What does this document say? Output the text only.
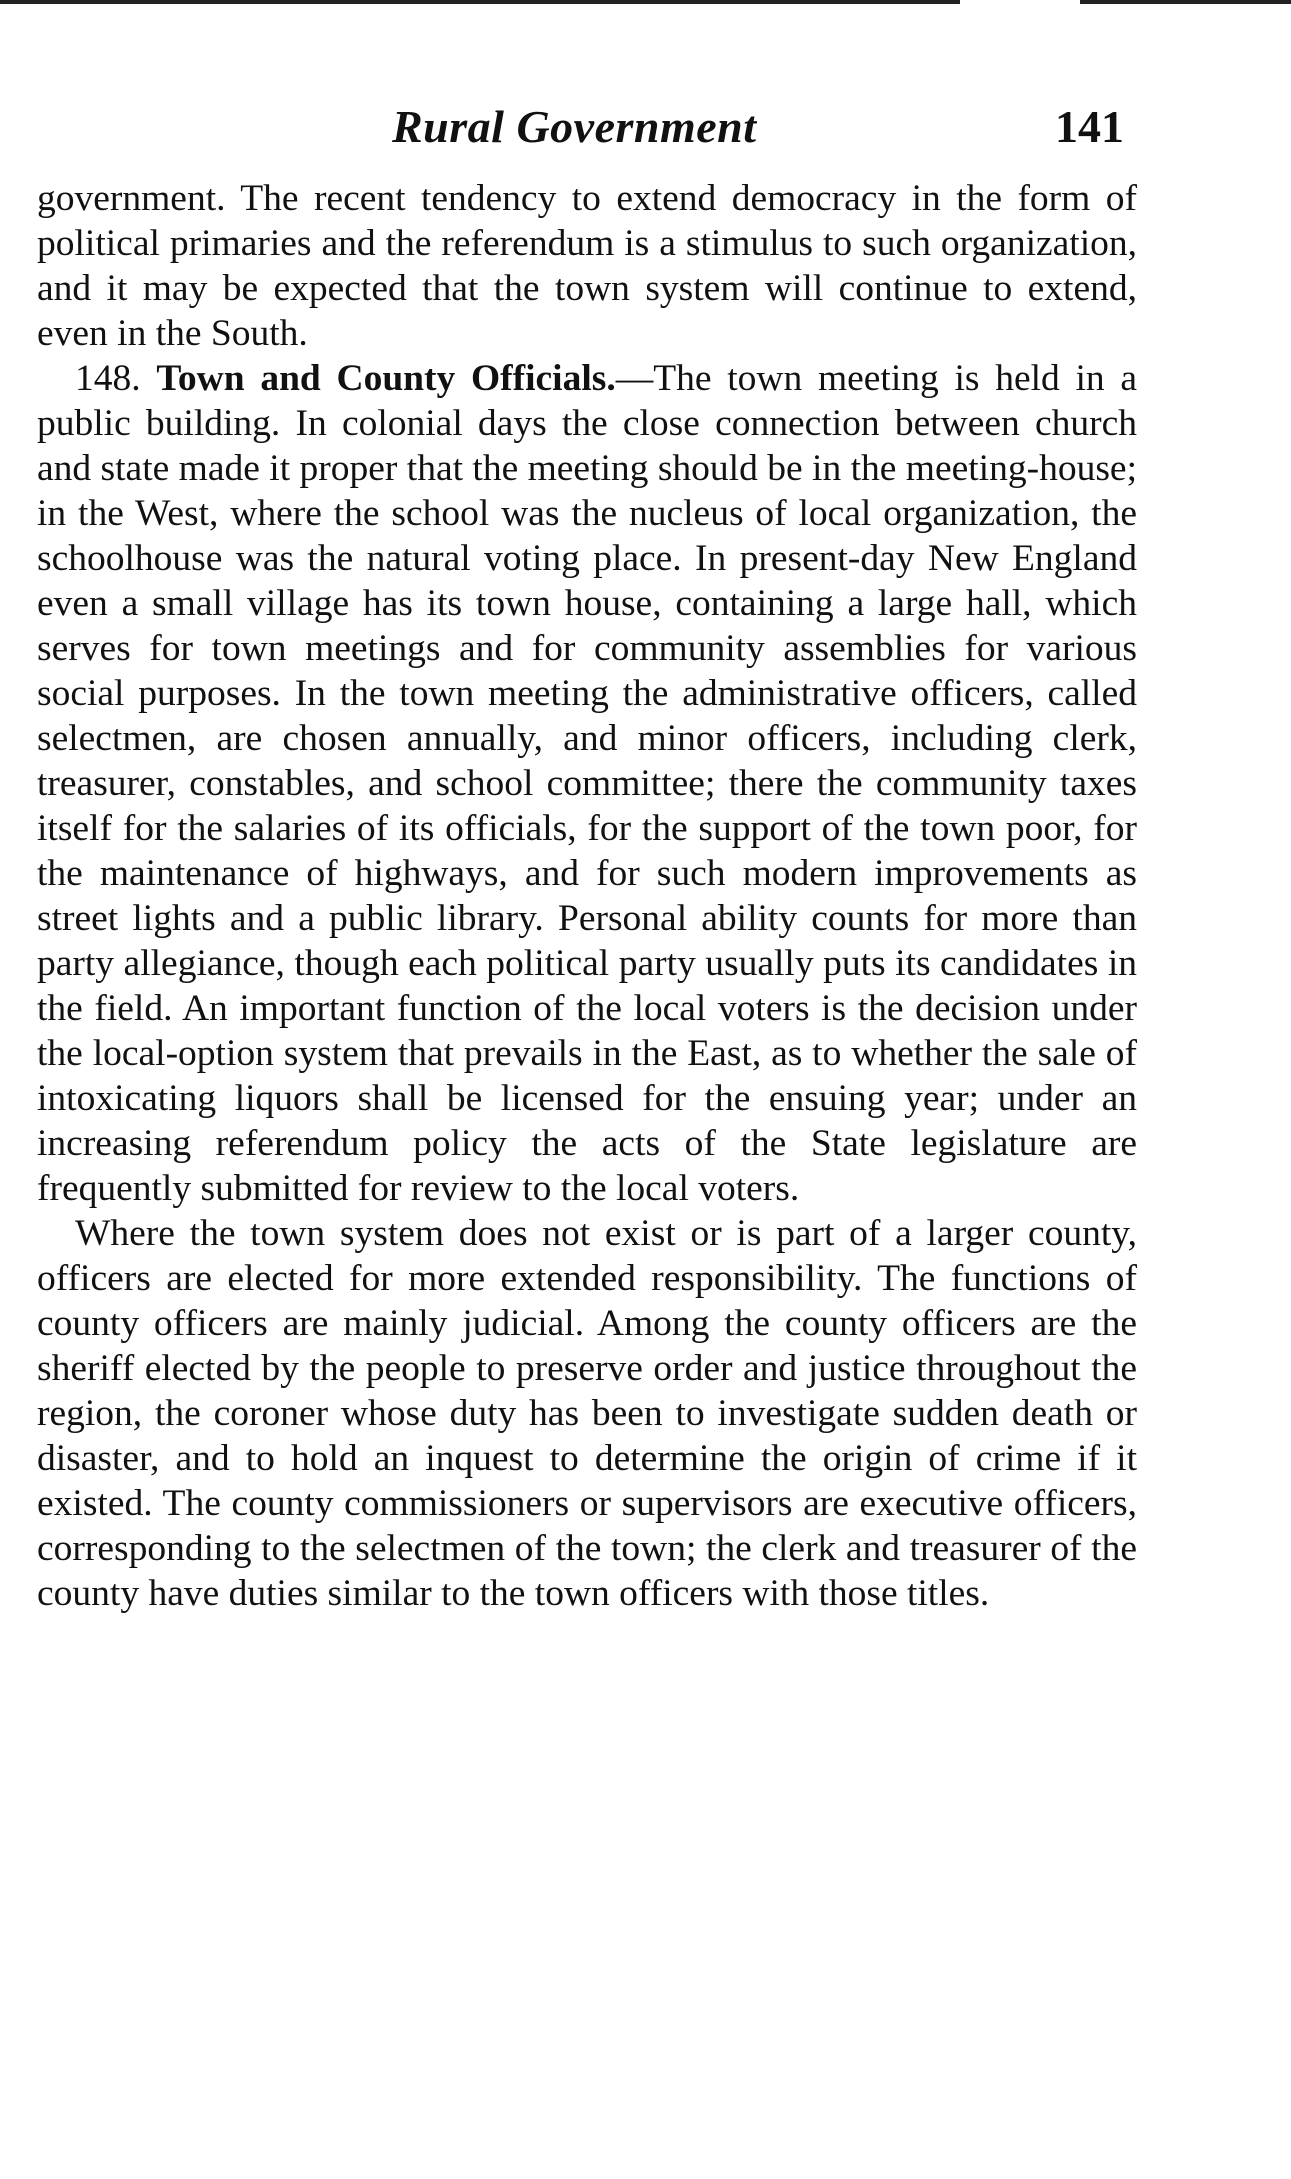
Rural Government	141

government. The recent tendency to extend democracy in the form of political primaries and the referendum is a stimulus to such organization, and it may be expected that the town system will continue to extend, even in the South.

148. Town and County Officials.—The town meeting is held in a public building. In colonial days the close connection between church and state made it proper that the meeting should be in the meeting-house; in the West, where the school was the nucleus of local organization, the schoolhouse was the natural voting place. In present-day New England even a small village has its town house, containing a large hall, which serves for town meetings and for community assemblies for various social purposes. In the town meeting the administrative officers, called selectmen, are chosen annually, and minor officers, including clerk, treasurer, constables, and school committee; there the community taxes itself for the salaries of its officials, for the support of the town poor, for the maintenance of highways, and for such modern improvements as street lights and a public library. Personal ability counts for more than party allegiance, though each political party usually puts its candidates in the field. An important function of the local voters is the decision under the local-option system that prevails in the East, as to whether the sale of intoxicating liquors shall be licensed for the ensuing year; under an increasing referendum policy the acts of the State legislature are frequently submitted for review to the local voters.

Where the town system does not exist or is part of a larger county, officers are elected for more extended responsibility. The functions of county officers are mainly judicial. Among the county officers are the sheriff elected by the people to preserve order and justice throughout the region, the coroner whose duty has been to investigate sudden death or disaster, and to hold an inquest to determine the origin of crime if it existed. The county commissioners or supervisors are executive officers, corresponding to the selectmen of the town; the clerk and treasurer of the county have duties similar to the town officers with those titles.
